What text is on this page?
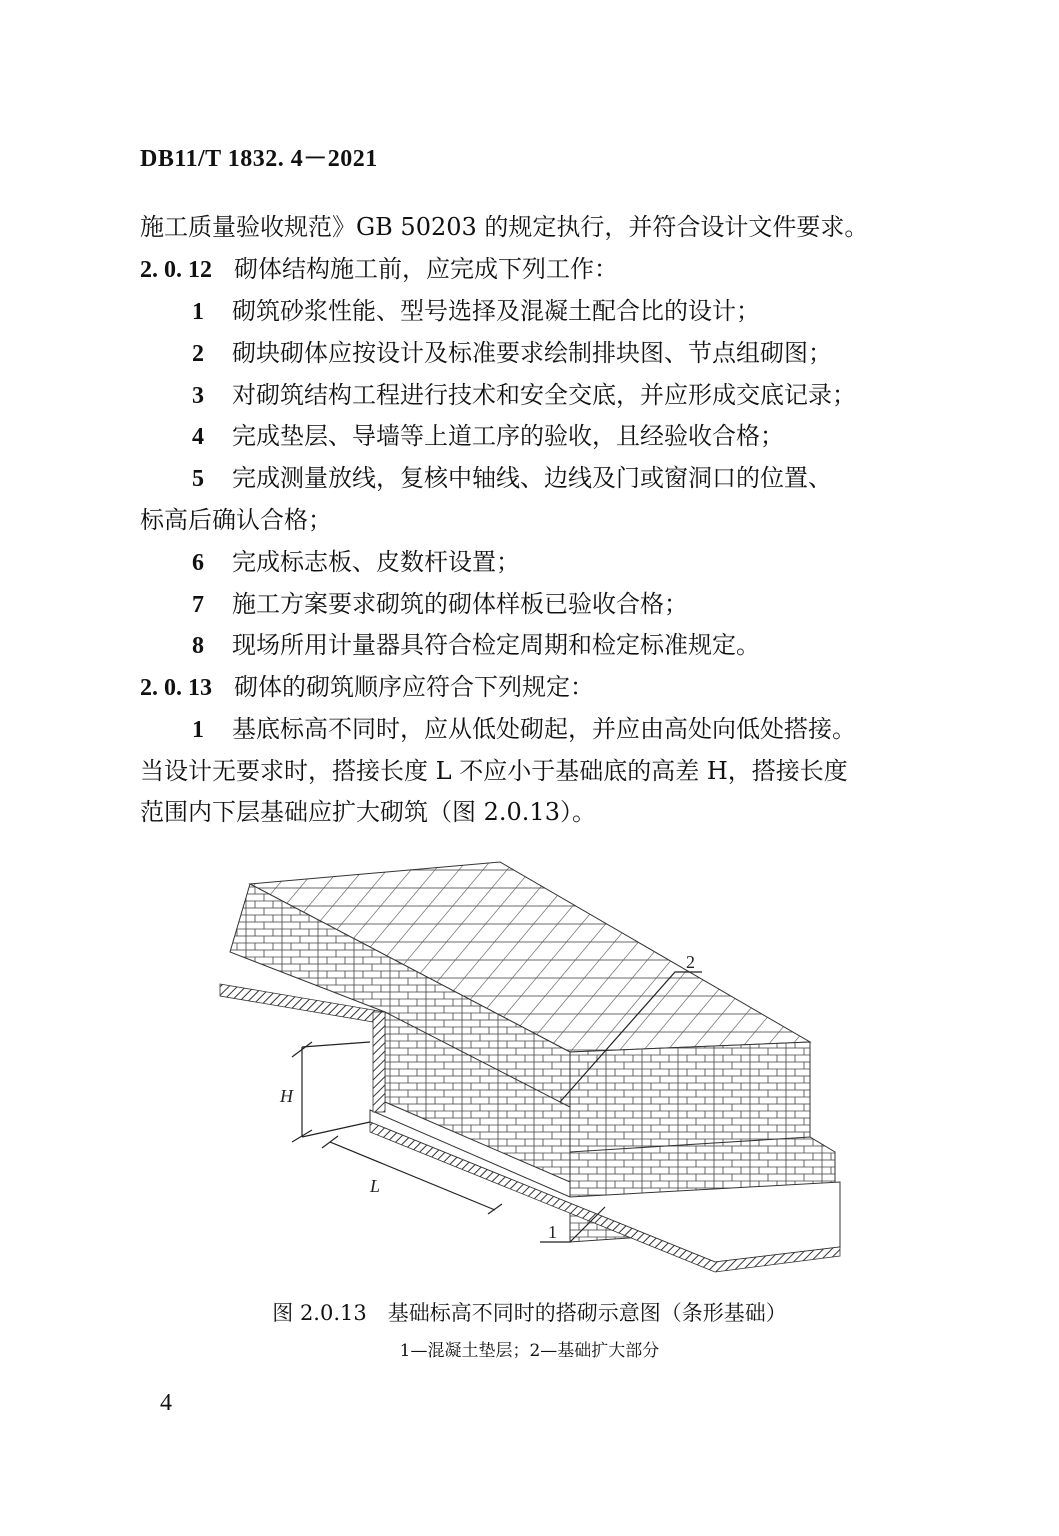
DB11/T 1832. 4－2021
施工质量验收规范》GB 50203 的规定执行，并符合设计文件要求。
2. 0. 12 砌体结构施工前，应完成下列工作：
1 砌筑砂浆性能、型号选择及混凝土配合比的设计；
2 砌块砌体应按设计及标准要求绘制排块图、节点组砌图；
3 对砌筑结构工程进行技术和安全交底，并应形成交底记录；
4 完成垫层、导墙等上道工序的验收，且经验收合格；
5 完成测量放线，复核中轴线、边线及门或窗洞口的位置、
标高后确认合格；
6 完成标志板、皮数杆设置；
7 施工方案要求砌筑的砌体样板已验收合格；
8 现场所用计量器具符合检定周期和检定标准规定。
2. 0. 13 砌体的砌筑顺序应符合下列规定：
1 基底标高不同时，应从低处砌起，并应由高处向低处搭接。
当设计无要求时，搭接长度 L 不应小于基础底的高差 H，搭接长度
范围内下层基础应扩大砌筑（图 2.0.13）。
H
L
2
1
图 2.0.13　基础标高不同时的搭砌示意图（条形基础）
1—混凝土垫层；2—基础扩大部分
4
